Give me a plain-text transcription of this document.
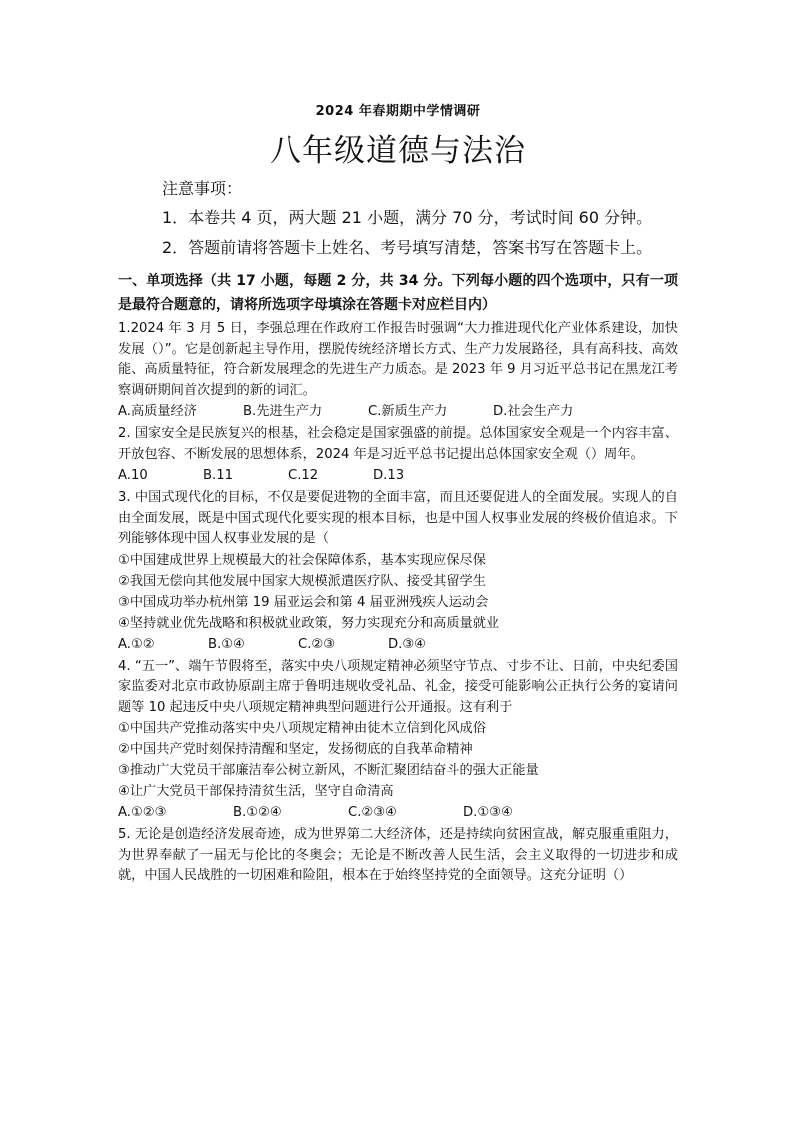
2024 年春期期中学情调研
八年级道德与法治
注意事项：

1．本卷共 4 页，两大题 21 小题，满分 70 分，考试时间 60 分钟。

2．答题前请将答题卡上姓名、考号填写清楚，答案书写在答题卡上。

一、单项选择（共 17 小题，每题 2 分，共 34 分。下列每小题的四个选项中，只有一项是最符合题意的，请将所选项字母填涂在答题卡对应栏目内）

1.2024 年 3 月 5 日，李强总理在作政府工作报告时强调“大力推进现代化产业体系建设，加快发展（）”。它是创新起主导作用，摆脱传统经济增长方式、生产力发展路径，具有高科技、高效能、高质量特征，符合新发展理念的先进生产力质态。是 2023 年 9 月习近平总书记在黑龙江考察调研期间首次提到的新的词汇。

A.高质量经济	B.先进生产力	C.新质生产力	D.社会生产力

2. 国家安全是民族复兴的根基，社会稳定是国家强盛的前提。总体国家安全观是一个内容丰富、开放包容、不断发展的思想体系，2024 年是习近平总书记提出总体国家安全观（）周年。

A.10	B.11	C.12	D.13

3. 中国式现代化的目标，不仅是要促进物的全面丰富，而且还要促进人的全面发展。实现人的自由全面发展，既是中国式现代化要实现的根本目标，也是中国人权事业发展的终极价值追求。下列能够体现中国人权事业发展的是（

①中国建成世界上规模最大的社会保障体系，基本实现应保尽保

②我国无偿向其他发展中国家大规模派遣医疗队、接受其留学生

③中国成功举办杭州第 19 届亚运会和第 4 届亚洲残疾人运动会

④坚持就业优先战略和积极就业政策，努力实现充分和高质量就业

A.①②	B.①④	C.②③	D.③④

4. “五一”、端午节假将至，落实中央八项规定精神必须坚守节点、寸步不让、日前，中央纪委国家监委对北京市政协原副主席于鲁明违规收受礼品、礼金，接受可能影响公正执行公务的宴请问题等 10 起违反中央八项规定精神典型问题进行公开通报。这有利于

①中国共产党推动落实中央八项规定精神由徒木立信到化风成俗

②中国共产党时刻保持清醒和坚定，发扬彻底的自我革命精神

③推动广大党员干部廉洁奉公树立新风，不断汇聚团结奋斗的强大正能量

④让广大党员干部保持清贫生活，坚守自命清高

A.①②③	B.①②④	C.②③④	D.①③④

5. 无论是创造经济发展奇迹，成为世界第二大经济体，还是持续向贫困宣战，解克服重重阻力，为世界奉献了一届无与伦比的冬奥会；无论是不断改善人民生活，会主义取得的一切进步和成就，中国人民战胜的一切困难和险阻，根本在于始终坚持党的全面领导。这充分证明（）
